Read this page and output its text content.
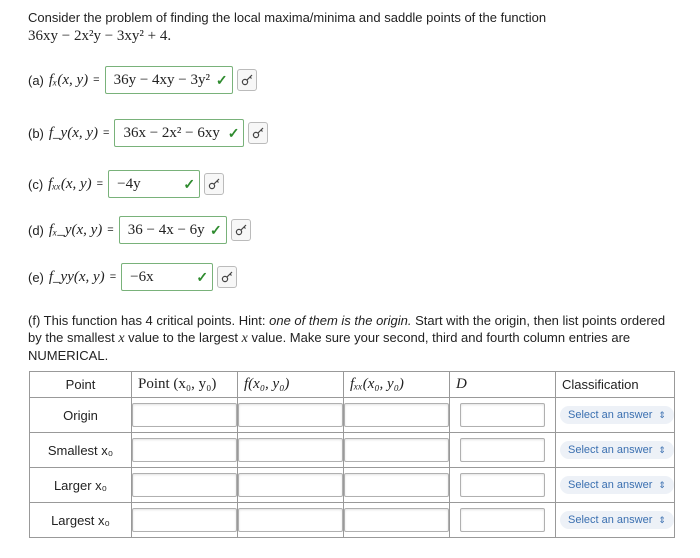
Consider the problem of finding the local maxima/minima and saddle points of the function
36xy − 2x²y − 3xy² + 4.
(a) fₓ(x, y) = 36y − 4xy − 3y² ✓
(b) f_y(x, y) = 36x − 2x² − 6xy ✓
(c) fₓₓ(x, y) = −4y	✓
(d) fₓ_y(x, y) = 36 − 4x − 6y ✓
(e) f_yy(x, y) = −6x	✓
(f) This function has 4 critical points. Hint: one of them is the origin. Start with the origin, then list points ordered by the smallest x value to the largest x value. Make sure your second, third and fourth column entries are NUMERICAL.
Point	Point (x₀, y₀)	f(x₀, y₀)	fₓₓ(x₀, y₀)	D	Classification
Origin					Select an answer ⇕

Smallest x₀					Select an answer ⇕

Larger x₀					Select an answer ⇕

Largest x₀					Select an answer ⇕
